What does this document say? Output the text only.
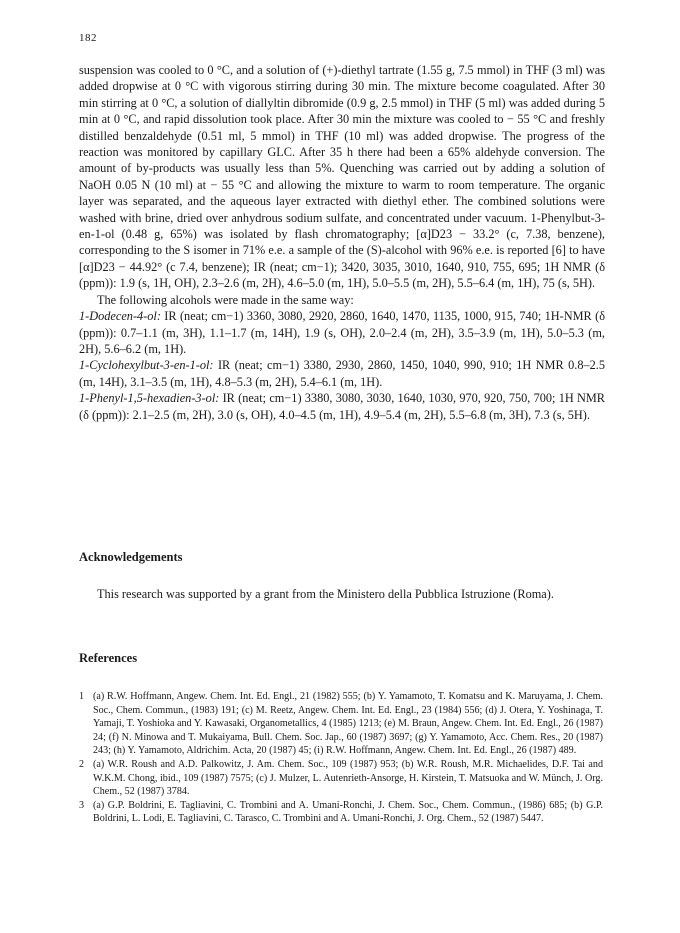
182

suspension was cooled to 0 °C, and a solution of (+)-diethyl tartrate (1.55 g, 7.5 mmol) in THF (3 ml) was added dropwise at 0 °C with vigorous stirring during 30 min. The mixture become coagulated. After 30 min stirring at 0 °C, a solution of diallyltin dibromide (0.9 g, 2.5 mmol) in THF (5 ml) was added during 5 min at 0 °C, and rapid dissolution took place. After 30 min the mixture was cooled to − 55 °C and freshly distilled benzaldehyde (0.51 ml, 5 mmol) in THF (10 ml) was added dropwise. The progress of the reaction was monitored by capillary GLC. After 35 h there had been a 65% aldehyde conversion. The amount of by-products was usually less than 5%. Quenching was carried out by adding a solution of NaOH 0.05 N (10 ml) at − 55 °C and allowing the mixture to warm to room temperature. The organic layer was separated, and the aqueous layer extracted with diethyl ether. The combined solutions were washed with brine, dried over anhydrous sodium sulfate, and concentrated under vacuum. 1-Phenylbut-3-en-1-ol (0.48 g, 65%) was isolated by flash chromatography; [α]D23 − 33.2° (c, 7.38, benzene), corresponding to the S isomer in 71% e.e. a sample of the (S)-alcohol with 96% e.e. is reported [6] to have [α]D23 − 44.92° (c 7.4, benzene); IR (neat; cm−1); 3420, 3035, 3010, 1640, 910, 755, 695; 1H NMR (δ (ppm)): 1.9 (s, 1H, OH), 2.3–2.6 (m, 2H), 4.6–5.0 (m, 1H), 5.0–5.5 (m, 2H), 5.5–6.4 (m, 1H), 75 (s, 5H).

The following alcohols were made in the same way:

1-Dodecen-4-ol: IR (neat; cm−1) 3360, 3080, 2920, 2860, 1640, 1470, 1135, 1000, 915, 740; 1H-NMR (δ (ppm)): 0.7–1.1 (m, 3H), 1.1–1.7 (m, 14H), 1.9 (s, OH), 2.0–2.4 (m, 2H), 3.5–3.9 (m, 1H), 5.0–5.3 (m, 2H), 5.6–6.2 (m, 1H).

1-Cyclohexylbut-3-en-1-ol: IR (neat; cm−1) 3380, 2930, 2860, 1450, 1040, 990, 910; 1H NMR 0.8–2.5 (m, 14H), 3.1–3.5 (m, 1H), 4.8–5.3 (m, 2H), 5.4–6.1 (m, 1H).

1-Phenyl-1,5-hexadien-3-ol: IR (neat; cm−1) 3380, 3080, 3030, 1640, 1030, 970, 920, 750, 700; 1H NMR (δ (ppm)): 2.1–2.5 (m, 2H), 3.0 (s, OH), 4.0–4.5 (m, 1H), 4.9–5.4 (m, 2H), 5.5–6.8 (m, 3H), 7.3 (s, 5H).

Acknowledgements
This research was supported by a grant from the Ministero della Pubblica Istruzione (Roma).
References
1 (a) R.W. Hoffmann, Angew. Chem. Int. Ed. Engl., 21 (1982) 555; (b) Y. Yamamoto, T. Komatsu and K. Maruyama, J. Chem. Soc., Chem. Commun., (1983) 191; (c) M. Reetz, Angew. Chem. Int. Ed. Engl., 23 (1984) 556; (d) J. Otera, Y. Yoshinaga, T. Yamaji, T. Yoshioka and Y. Kawasaki, Organometallics, 4 (1985) 1213; (e) M. Braun, Angew. Chem. Int. Ed. Engl., 26 (1987) 24; (f) N. Minowa and T. Mukaiyama, Bull. Chem. Soc. Jap., 60 (1987) 3697; (g) Y. Yamamoto, Acc. Chem. Res., 20 (1987) 243; (h) Y. Yamamoto, Aldrichim. Acta, 20 (1987) 45; (i) R.W. Hoffmann, Angew. Chem. Int. Ed. Engl., 26 (1987) 489.
2 (a) W.R. Roush and A.D. Palkowitz, J. Am. Chem. Soc., 109 (1987) 953; (b) W.R. Roush, M.R. Michaelides, D.F. Tai and W.K.M. Chong, ibid., 109 (1987) 7575; (c) J. Mulzer, L. Autenrieth-Ansorge, H. Kirstein, T. Matsuoka and W. Münch, J. Org. Chem., 52 (1987) 3784.
3 (a) G.P. Boldrini, E. Tagliavini, C. Trombini and A. Umani-Ronchi, J. Chem. Soc., Chem. Commun., (1986) 685; (b) G.P. Boldrini, L. Lodi, E. Tagliavini, C. Tarasco, C. Trombini and A. Umani-Ronchi, J. Org. Chem., 52 (1987) 5447.
